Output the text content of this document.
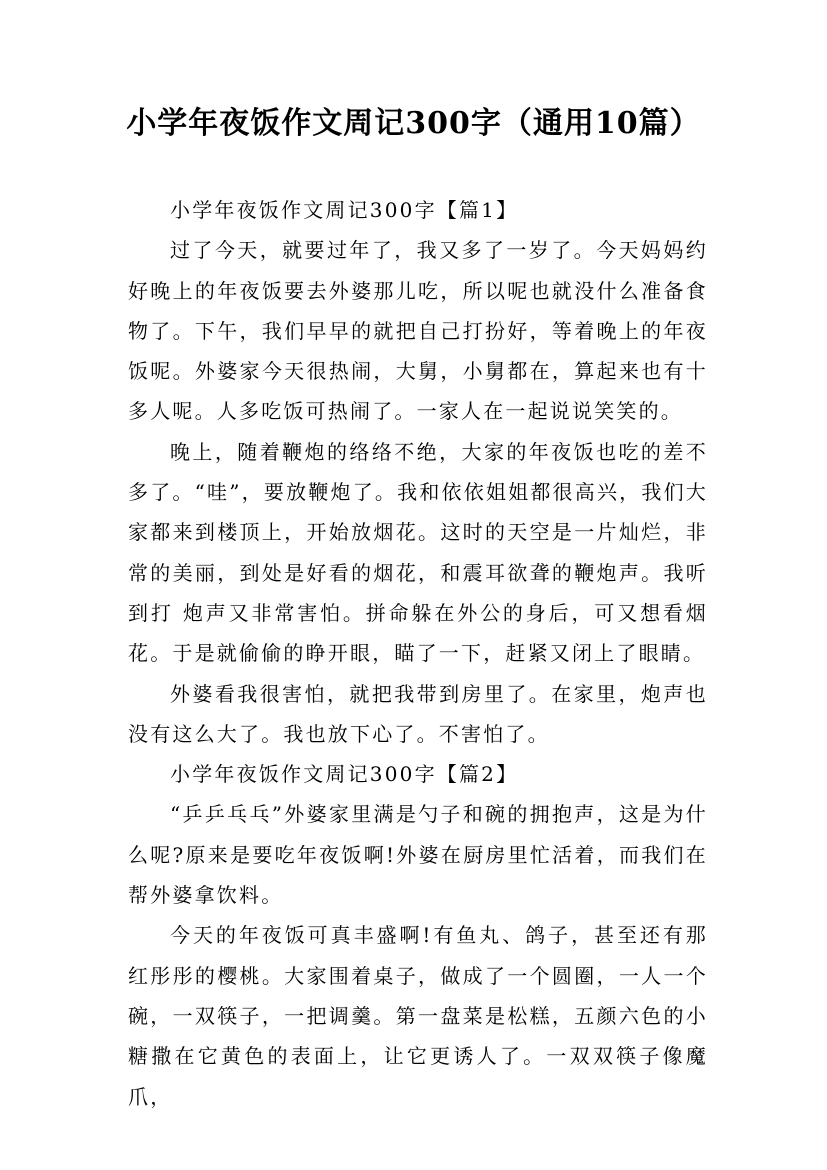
小学年夜饭作文周记300字（通用10篇）

小学年夜饭作文周记300字【篇1】

过了今天，就要过年了，我又多了一岁了。今天妈妈约好晚上的年夜饭要去外婆那儿吃，所以呢也就没什么准备食物了。下午，我们早早的就把自己打扮好，等着晚上的年夜饭呢。外婆家今天很热闹，大舅，小舅都在，算起来也有十多人呢。人多吃饭可热闹了。一家人在一起说说笑笑的。

晚上，随着鞭炮的络络不绝，大家的年夜饭也吃的差不多了。“哇”，要放鞭炮了。我和依依姐姐都很高兴，我们大家都来到楼顶上，开始放烟花。这时的天空是一片灿烂，非常的美丽，到处是好看的烟花，和震耳欲聋的鞭炮声。我听到打 炮声又非常害怕。拼命躲在外公的身后，可又想看烟花。于是就偷偷的睁开眼，瞄了一下，赶紧又闭上了眼睛。

外婆看我很害怕，就把我带到房里了。在家里，炮声也没有这么大了。我也放下心了。不害怕了。

小学年夜饭作文周记300字【篇2】

“乒乒乓乓”外婆家里满是勺子和碗的拥抱声，这是为什么呢?原来是要吃年夜饭啊!外婆在厨房里忙活着，而我们在帮外婆拿饮料。

今天的年夜饭可真丰盛啊!有鱼丸、鸽子，甚至还有那红彤彤的樱桃。大家围着桌子，做成了一个圆圈，一人一个碗，一双筷子，一把调羹。第一盘菜是松糕，五颜六色的小糖撒在它黄色的表面上，让它更诱人了。一双双筷子像魔爪，
